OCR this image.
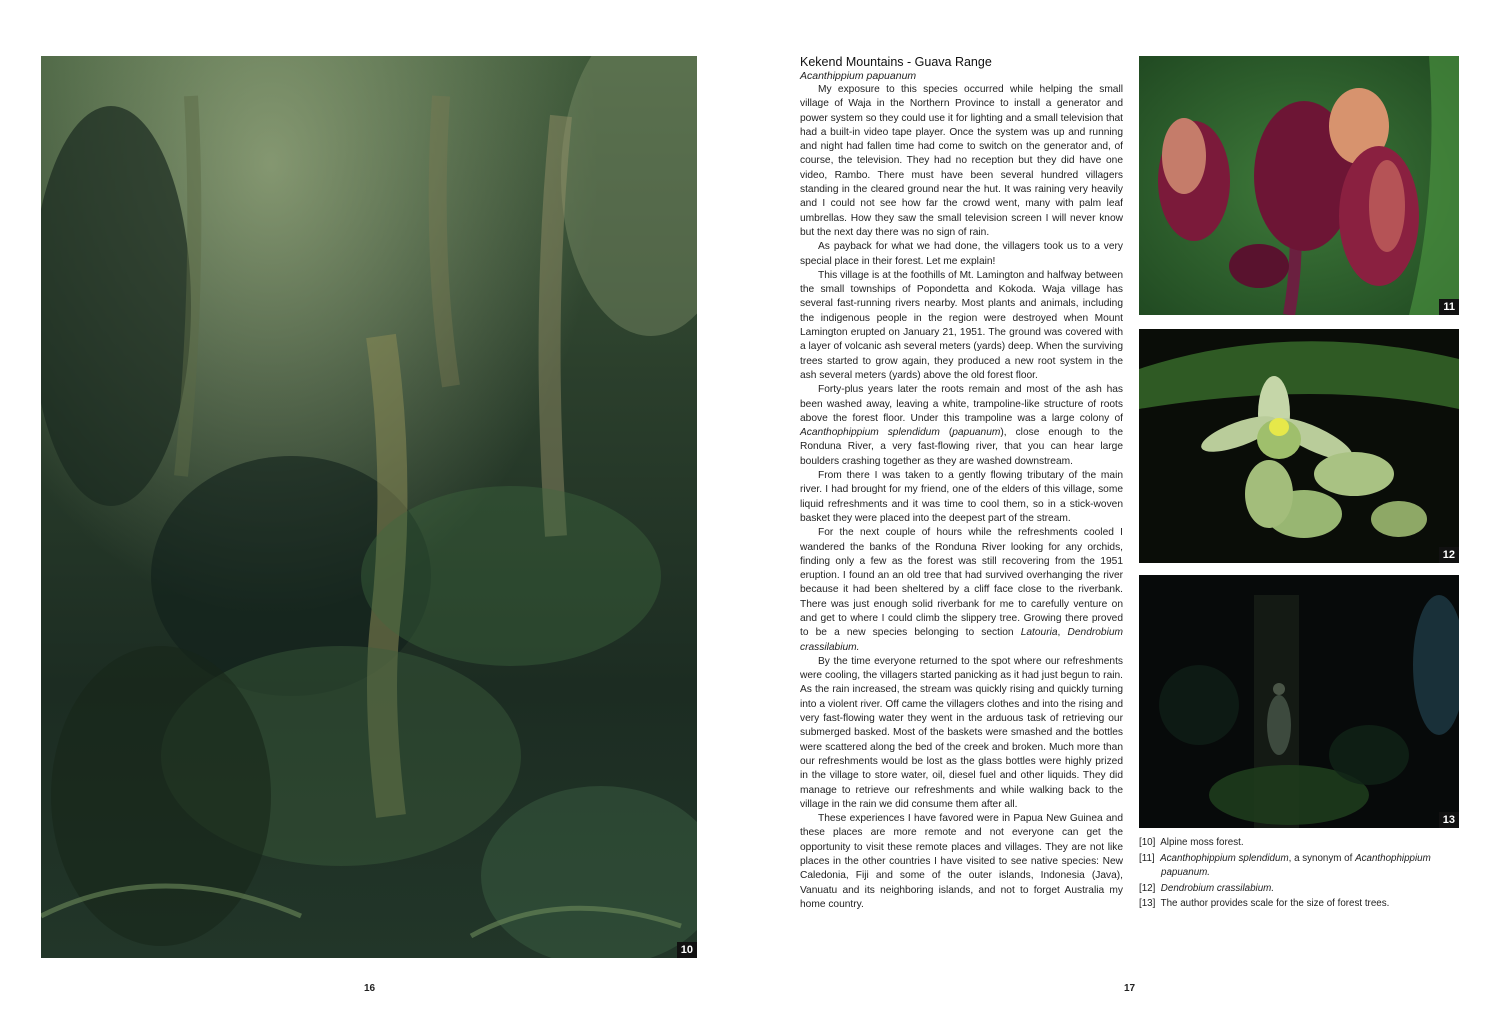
10
11
12
13
Kekend Mountains - Guava Range

Acanthippium papuanum

My exposure to this species occurred while helping the small village of Waja in the Northern Province to install a generator and power system so they could use it for lighting and a small television that had a built-in video tape player. Once the system was up and running and night had fallen time had come to switch on the generator and, of course, the television. They had no reception but they did have one video, Rambo. There must have been several hundred villagers standing in the cleared ground near the hut. It was raining very heavily and I could not see how far the crowd went, many with palm leaf umbrellas. How they saw the small television screen I will never know but the next day there was no sign of rain.

As payback for what we had done, the villagers took us to a very special place in their forest. Let me explain!

This village is at the foothills of Mt. Lamington and halfway between the small townships of Popondetta and Kokoda. Waja village has several fast-running rivers nearby. Most plants and animals, including the indigenous people in the region were destroyed when Mount Lamington erupted on January 21, 1951. The ground was covered with a layer of volcanic ash several meters (yards) deep. When the surviving trees started to grow again, they produced a new root system in the ash several meters (yards) above the old forest floor.

Forty-plus years later the roots remain and most of the ash has been washed away, leaving a white, trampoline-like structure of roots above the forest floor. Under this trampoline was a large colony of Acanthophippium splendidum (papuanum), close enough to the Ronduna River, a very fast-flowing river, that you can hear large boulders crashing together as they are washed downstream.

From there I was taken to a gently flowing tributary of the main river. I had brought for my friend, one of the elders of this village, some liquid refreshments and it was time to cool them, so in a stick-woven basket they were placed into the deepest part of the stream.

For the next couple of hours while the refreshments cooled I wandered the banks of the Ronduna River looking for any orchids, finding only a few as the forest was still recovering from the 1951 eruption. I found an an old tree that had survived overhanging the river because it had been sheltered by a cliff face close to the riverbank. There was just enough solid riverbank for me to carefully venture on and get to where I could climb the slippery tree. Growing there proved to be a new species belonging to section Latouria, Dendrobium crassilabium.

By the time everyone returned to the spot where our refreshments were cooling, the villagers started panicking as it had just begun to rain. As the rain increased, the stream was quickly rising and quickly turning into a violent river. Off came the villagers clothes and into the rising and very fast-flowing water they went in the arduous task of retrieving our submerged basked. Most of the baskets were smashed and the bottles were scattered along the bed of the creek and broken. Much more than our refreshments would be lost as the glass bottles were highly prized in the village to store water, oil, diesel fuel and other liquids. They did manage to retrieve our refreshments and while walking back to the village in the rain we did consume them after all.

These experiences I have favored were in Papua New Guinea and these places are more remote and not everyone can get the opportunity to visit these remote places and villages. They are not like places in the other countries I have visited to see native species: New Caledonia, Fiji and some of the outer islands, Indonesia (Java), Vanuatu and its neighboring islands, and not to forget Australia my home country.

[10] Alpine moss forest.

[11] Acanthophippium splendidum, a synonym of Acanthophippium papuanum.

[12] Dendrobium crassilabium.

[13] The author provides scale for the size of forest trees.

16	17
